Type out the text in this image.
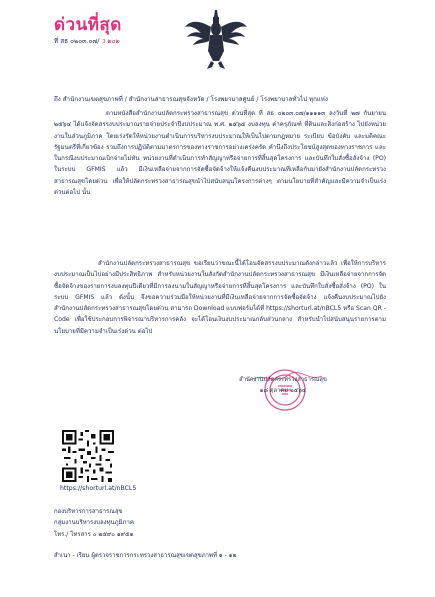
ด่วนที่สุด
ที่ สธ ๐๒๐๓.๐๗/ ว ๒๐๒
ถึง สำนักงานเขตสุขภาพที่ / สำนักงานสาธารณสุขจังหวัด / โรงพยาบาลศูนย์ / โรงพยาบาลทั่วไป ทุกแห่ง
ตามหนังสือสำนักงานปลัดกระทรวงสาธารณสุข ด่วนที่สุด ที่ สธ ๐๒๐๓.๐๗/๑๑๑๑๓ ลงวันที่ ๒๗ กันยายน ๒๕๖๔ ได้แจ้งจัดสรรงบประมาณรายจ่ายประจำปีงบประมาณ พ.ศ. ๒๕๖๕ งบลงทุน ค่าครุภัณฑ์ ที่ดินและสิ่งก่อสร้าง ไปยังหน่วยงานในส่วนภูมิภาค โดยเร่งรัดให้หน่วยงานดำเนินการบริหารงบประมาณให้เป็นไปตามกฎหมาย ระเบียบ ข้อบังคับ และมติคณะรัฐมนตรีที่เกี่ยวข้อง รวมถึงการปฏิบัติตามมาตรการของทางราชการอย่างเคร่งครัด คำนึงถึงประโยชน์สูงสุดของทางราชการ และในกรณีงบประมาณเบิกจ่ายไม่ทัน หน่วยงานที่ดำเนินการทำสัญญาหรือจ่ายการที่สิ้นสุดโครงการ และบันทึกใบสั่งซื้อสั่งจ้าง (PO) ในระบบ GFMIS แล้ว มีเงินเหลือจ่ายจากการจัดซื้อจัดจ้างให้แจ้งคืนงบประมาณที่เหลือกับมายังสำนักงานปลัดกระทรวงสาธารณสุขโดยด่วน เพื่อให้ปลัดกระทรวงสาธารณสุขนำไปสนับสนุนโครงการต่างๆ ตามนโยบายที่สำคัญและมีความจำเป็นเร่งด่วนต่อไป นั้น
สำนักงานปลัดกระทรวงสาธารณสุข ขอเรียนว่าขณะนี้ได้โอนจัดสรรงบประมาณดังกล่าวแล้ว เพื่อให้การบริหารงบประมาณเป็นไปอย่างมีประสิทธิภาพ สำหรับหน่วยงานในสังกัดสำนักงานปลัดกระทรวงสาธารณสุข มีเงินเหลือจ่ายจากการจัดซื้อจัดจ้างของรายการงบลงทุนปีเดียวที่มีการลงนามในสัญญาหรือจ่ายการที่สิ้นสุดโครงการ และบันทึกใบสั่งซื้อสั่งจ้าง (PO) ในระบบ GFMIS แล้ว ดังนั้น จึงขอความร่วมมือให้หน่วยงานที่มีเงินเหลือจ่ายจากการจัดซื้อจัดจ้าง แจ้งคืนงบประมาณไปยังสำนักงานปลัดกระทรวงสาธารณสุขโดยด่วน สามารถ Download แบบฟอร์มได้ที่ https://shorturl.at/nBCL5 หรือ Scan QR - Code เพื่อใช้ประกอบการพิจารณาบริหารการคลัง จะได้โอนเงินงบประมาณกลับส่วนกลาง สำหรับนำไปสนับสนุนรายการตามนโยบายที่มีความจำเป็นเร่งด่วน ต่อไป
สำนักงานปลัดกระทรวงสาธารณสุข
๑๘ ตุลาคม ๒๕๖๔
https://shorturl.at/nBCL5
กองบริหารการสาธารณสุข
กลุ่มงานบริหารงบลงทุนภูมิภาค
โทร./ โทรสาร ๐ ๒๕๙๐ ๑๙๕๑
สำเนา - เรียน ผู้ตรวจราชการกระทรวงสาธารณสุขเขตสุขภาพที่ ๑ - ๑๒
